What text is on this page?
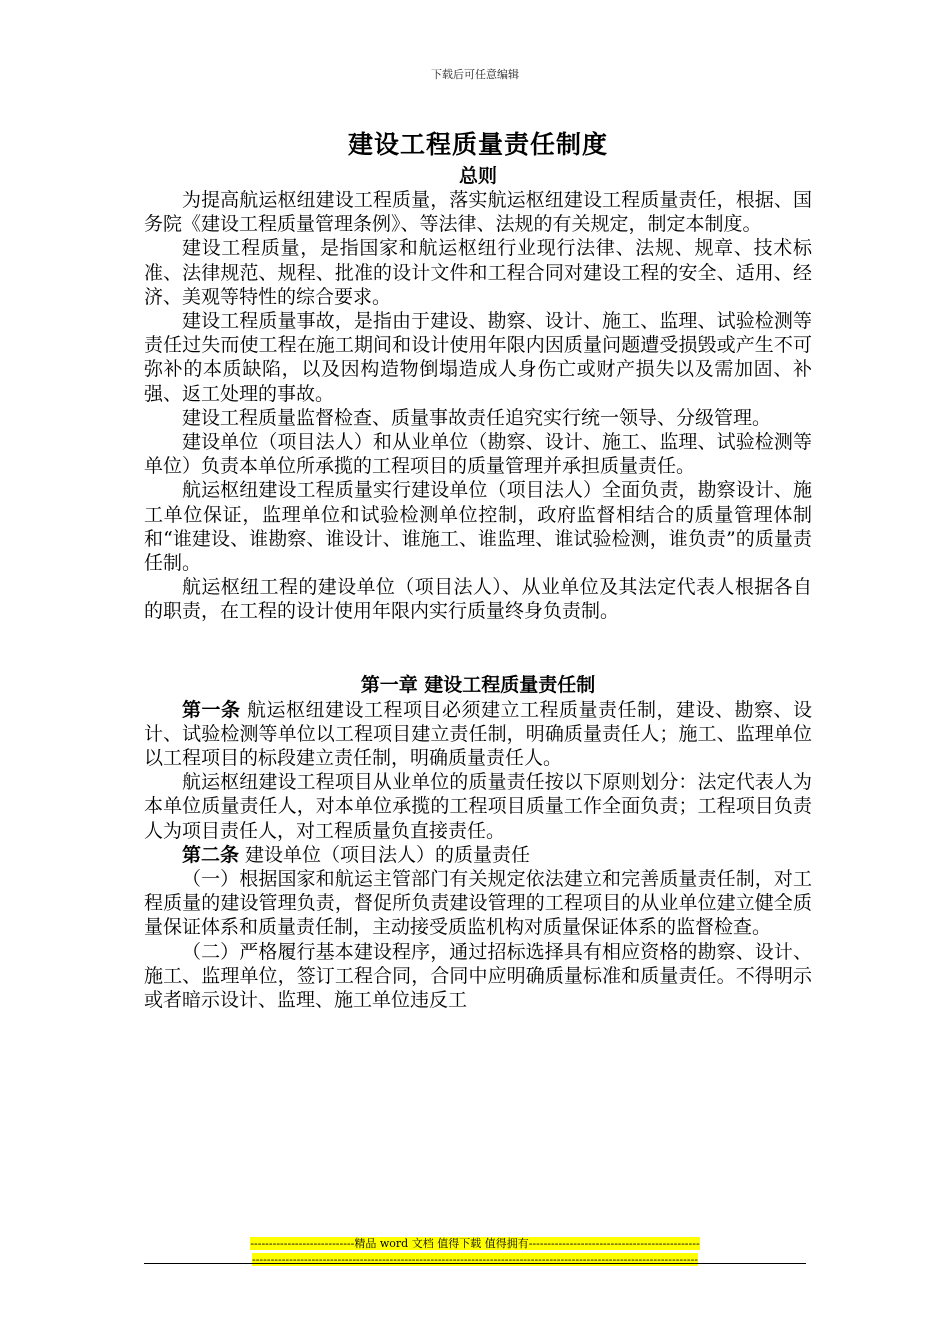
下载后可任意编辑
建设工程质量责任制度
总则

为提高航运枢纽建设工程质量，落实航运枢纽建设工程质量责任，根据、国务院《建设工程质量管理条例》、等法律、法规的有关规定，制定本制度。

建设工程质量，是指国家和航运枢纽行业现行法律、法规、规章、技术标准、法律规范、规程、批准的设计文件和工程合同对建设工程的安全、适用、经济、美观等特性的综合要求。

建设工程质量事故，是指由于建设、勘察、设计、施工、监理、试验检测等责任过失而使工程在施工期间和设计使用年限内因质量问题遭受损毁或产生不可弥补的本质缺陷，以及因构造物倒塌造成人身伤亡或财产损失以及需加固、补强、返工处理的事故。

建设工程质量监督检查、质量事故责任追究实行统一领导、分级管理。

建设单位（项目法人）和从业单位（勘察、设计、施工、监理、试验检测等单位）负责本单位所承揽的工程项目的质量管理并承担质量责任。

航运枢纽建设工程质量实行建设单位（项目法人）全面负责，勘察设计、施工单位保证，监理单位和试验检测单位控制，政府监督相结合的质量管理体制和“谁建设、谁勘察、谁设计、谁施工、谁监理、谁试验检测，谁负责”的质量责任制。

航运枢纽工程的建设单位（项目法人）、从业单位及其法定代表人根据各自的职责，在工程的设计使用年限内实行质量终身负责制。

第一章 建设工程质量责任制

第一条 航运枢纽建设工程项目必须建立工程质量责任制，建设、勘察、设计、试验检测等单位以工程项目建立责任制，明确质量责任人；施工、监理单位以工程项目的标段建立责任制，明确质量责任人。

航运枢纽建设工程项目从业单位的质量责任按以下原则划分：法定代表人为本单位质量责任人，对本单位承揽的工程项目质量工作全面负责；工程项目负责人为项目责任人，对工程质量负直接责任。

第二条 建设单位（项目法人）的质量责任

（一）根据国家和航运主管部门有关规定依法建立和完善质量责任制，对工程质量的建设管理负责，督促所负责建设管理的工程项目的从业单位建立健全质量保证体系和质量责任制，主动接受质监机构对质量保证体系的监督检查。

（二）严格履行基本建设程序，通过招标选择具有相应资格的勘察、设计、施工、监理单位，签订工程合同，合同中应明确质量标准和质量责任。不得明示或者暗示设计、监理、施工单位违反工

----------------------------精品 word 文档 值得下载 值得拥有----------------------------------------------
------------------------------------------------------------------------------------------------------------------------
